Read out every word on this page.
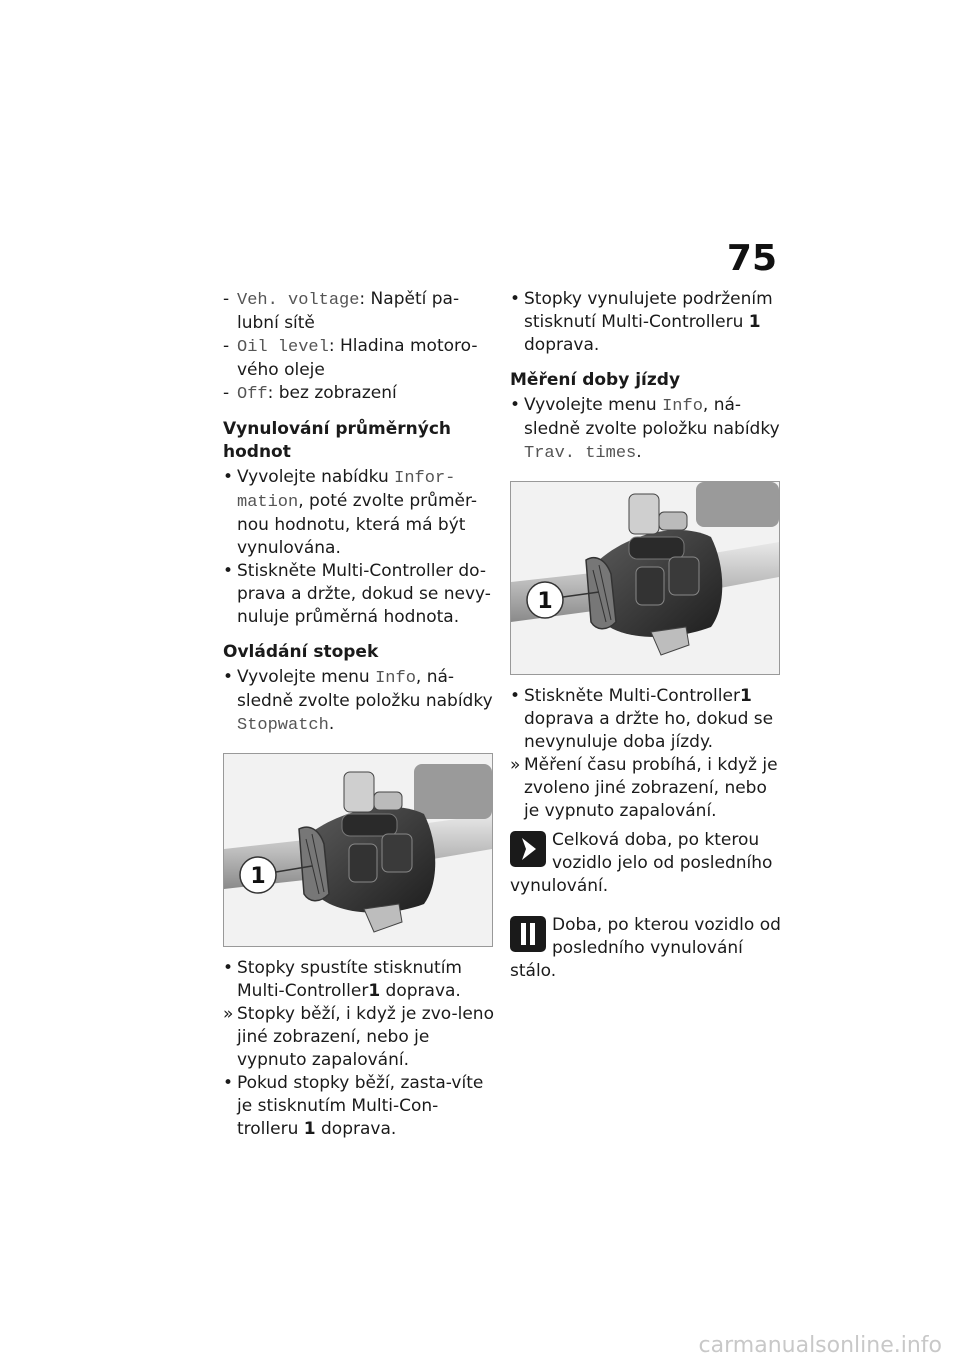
75
- Veh. voltage: Napětí pa-lubní sítě
- Oil level: Hladina motoro-vého oleje
- Off: bez zobrazení
Vynulování průměrných hodnot
• Vyvolejte nabídku Infor-mation, poté zvolte průměr-nou hodnotu, která má být vynulována.
• Stiskněte Multi-Controller do-prava a držte, dokud se nevy-nuluje průměrná hodnota.
Ovládání stopek
• Vyvolejte menu Info, ná-sledně zvolte položku nabídky Stopwatch.
1
• Stopky spustíte stisknutím Multi-Controller1 doprava.
» Stopky běží, i když je zvo-leno jiné zobrazení, nebo je vypnuto zapalování.
• Pokud stopky běží, zasta-víte je stisknutím Multi-Con-trolleru 1 doprava.
• Stopky vynulujete podržením stisknutí Multi-Controlleru 1 doprava.
Měření doby jízdy
• Vyvolejte menu Info, ná-sledně zvolte položku nabídky Trav. times.
1
• Stiskněte Multi-Controller1 doprava a držte ho, dokud se nevynuluje doba jízdy.
» Měření času probíhá, i když je zvoleno jiné zobrazení, nebo je vypnuto zapalování.
Celková doba, po kterou vozidlo jelo od posledního vynulování.
Doba, po kterou vozidlo od posledního vynulování stálo.
carmanualsonline.info
